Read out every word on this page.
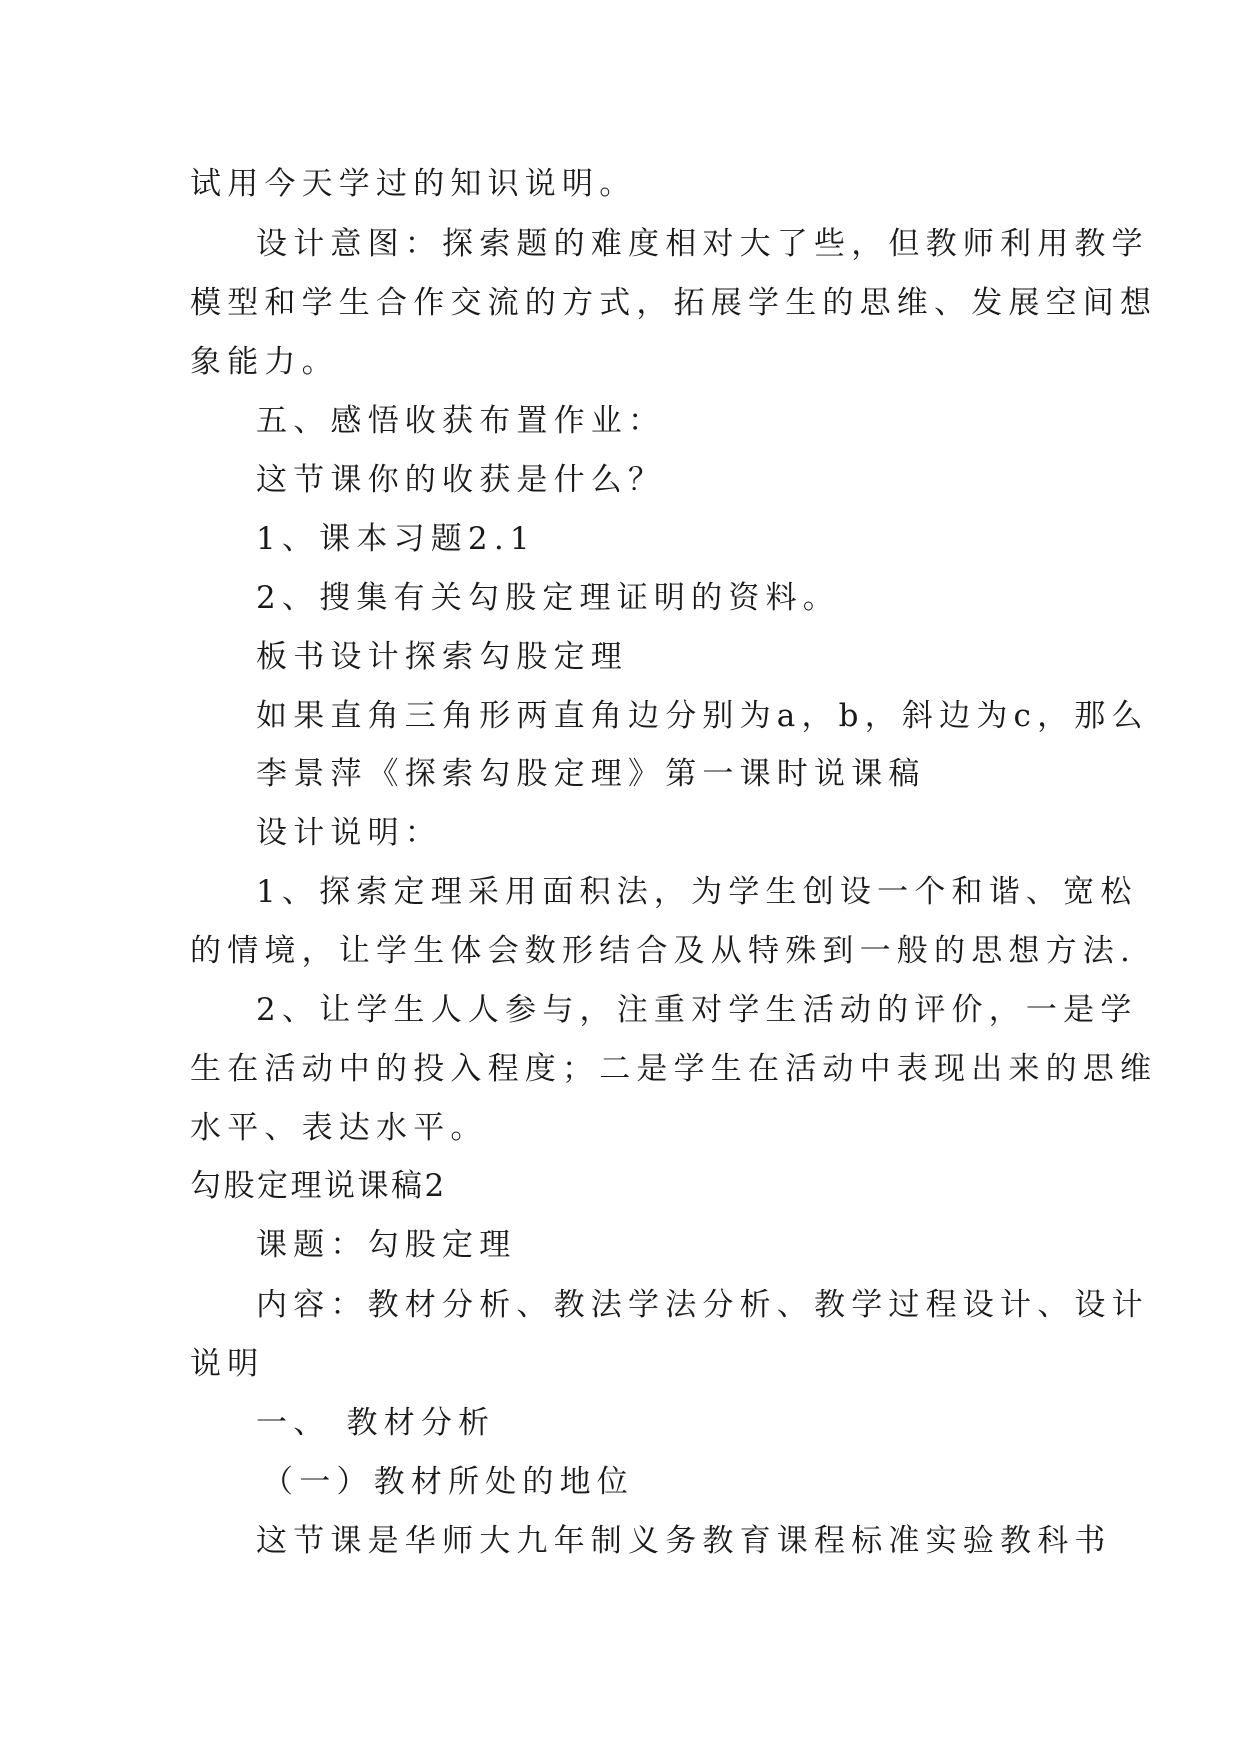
试用今天学过的知识说明。
设计意图：探索题的难度相对大了些，但教师利用教学
模型和学生合作交流的方式，拓展学生的思维、发展空间想
象能力。
五、感悟收获布置作业：
这节课你的收获是什么？
1、课本习题2.1
2、搜集有关勾股定理证明的资料。
板书设计探索勾股定理
如果直角三角形两直角边分别为a，b，斜边为c，那么
李景萍《探索勾股定理》第一课时说课稿
设计说明：
1、探索定理采用面积法，为学生创设一个和谐、宽松
的情境，让学生体会数形结合及从特殊到一般的思想方法.
2、让学生人人参与，注重对学生活动的评价，一是学
生在活动中的投入程度；二是学生在活动中表现出来的思维
水平、表达水平。
勾股定理说课稿2
课题：勾股定理
内容：教材分析、教法学法分析、教学过程设计、设计
说明
一、 教材分析
（一）教材所处的地位
这节课是华师大九年制义务教育课程标准实验教科书
